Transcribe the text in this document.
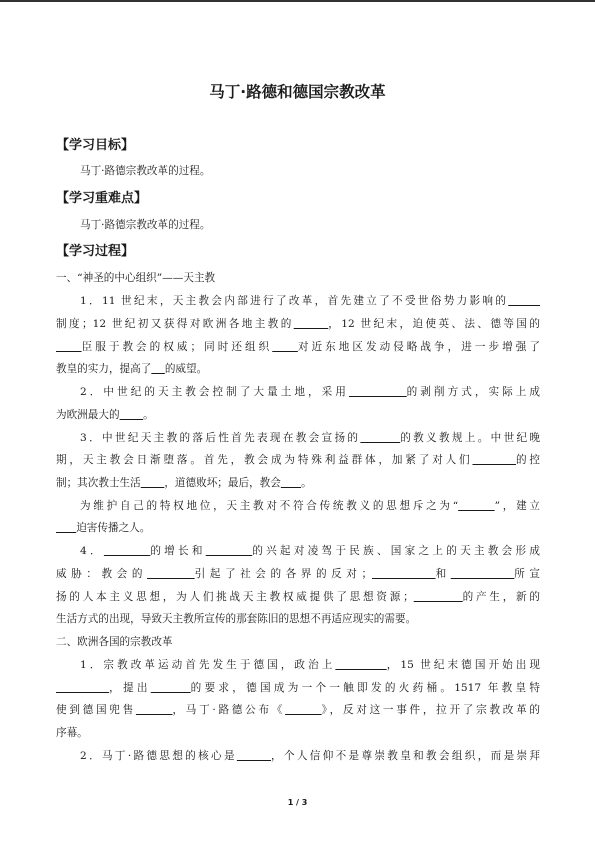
马丁·路德和德国宗教改革
【学习目标】
马丁·路德宗教改革的过程。
【学习重难点】
马丁·路德宗教改革的过程。
【学习过程】
一、“神圣的中心组织”——天主教
1．11 世纪末，天主教会内部进行了改革，首先建立了不受世俗势力影响的
制度；12 世纪初又获得对欧洲各地主教的	，12 世纪末，迫使英、法、德等国的
臣服于教会的权威；同时还组织 对近东地区发动侵略战争，进一步增强了
教皇的实力，提高了 的威望。
2．中世纪的天主教会控制了大量土地，采用	的剥削方式，实际上成
为欧洲最大的 。
3．中世纪天主教的落后性首先表现在教会宣扬的	的教义教规上。中世纪晚
期，天主教会日渐堕落。首先，教会成为特殊利益群体，加紧了对人们	的控
制；其次教士生活 ，道德败坏；最后，教会 。
为维护自己的特权地位，天主教对不符合传统教义的思想斥之为“	”，建立
迫害传播之人。
4．	的增长和	的兴起对凌驾于民族、国家之上的天主教会形成
威胁：教会的	引起了社会的各界的反对；	和	所宣
扬的人本主义思想，为人们挑战天主教权威提供了思想资源；	的产生，新的
生活方式的出现，导致天主教所宣传的那套陈旧的思想不再适应现实的需要。
二、欧洲各国的宗教改革
1．宗教改革运动首先发生于德国，政治上	，15 世纪末德国开始出现
，提出	的要求，德国成为一个一触即发的火药桶。1517 年教皇特
使到德国兜售	，马丁·路德公布《	》，反对这一事件，拉开了宗教改革的
序幕。
2．马丁·路德思想的核心是	，个人信仰不是尊崇教皇和教会组织，而是崇拜
1 / 3
